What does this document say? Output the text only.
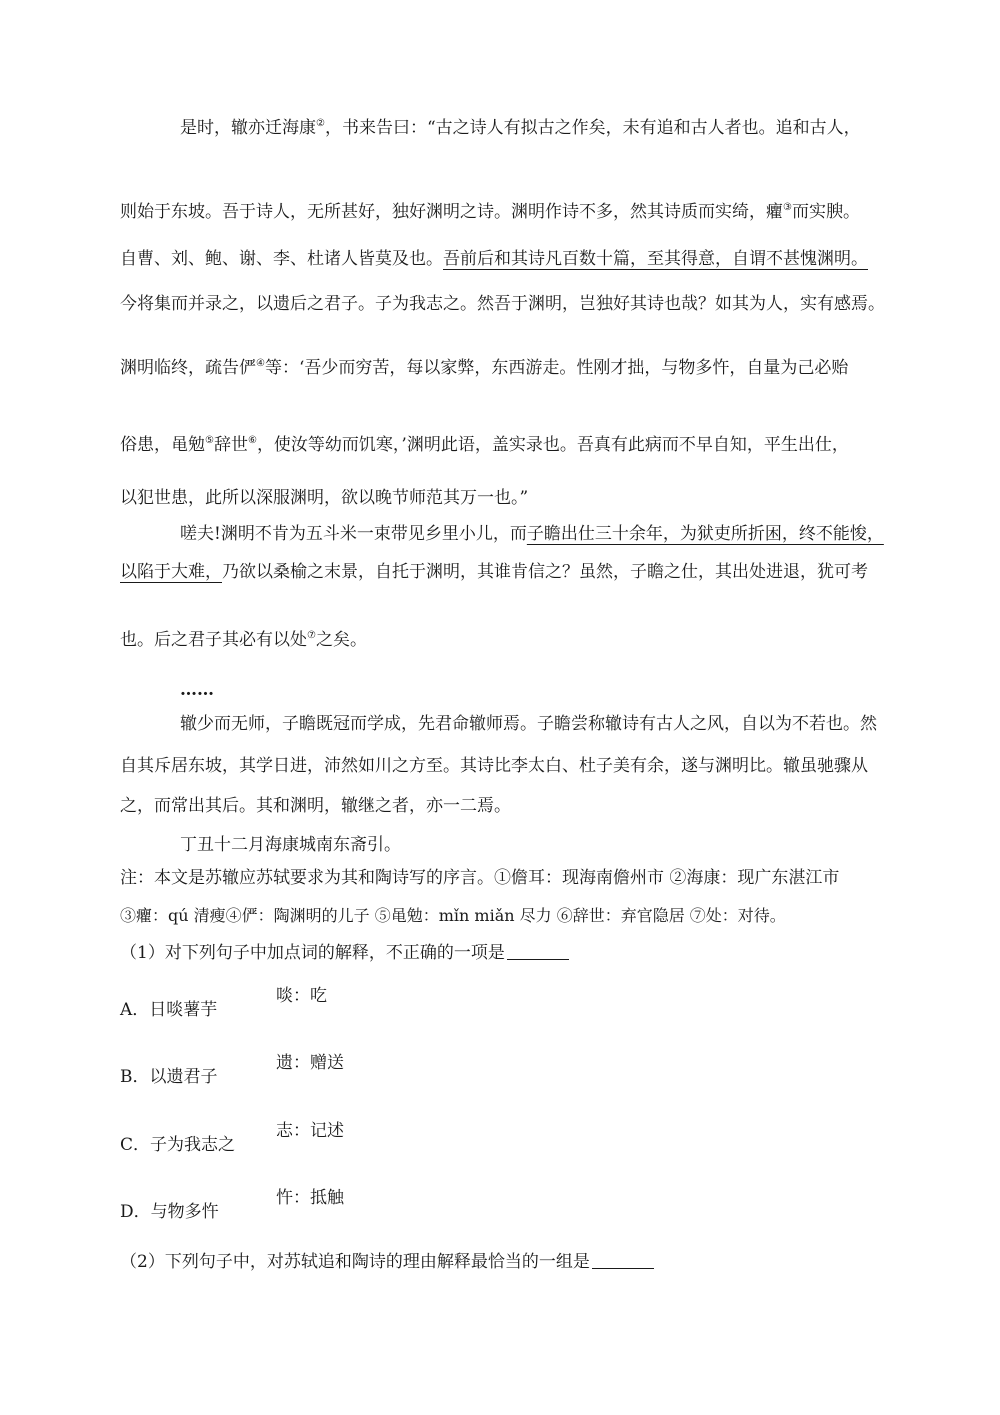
是时，辙亦迁海康②，书来告曰：“古之诗人有拟古之作矣，未有追和古人者也。追和古人，
则始于东坡。吾于诗人，无所甚好，独好渊明之诗。渊明作诗不多，然其诗质而实绮，癯③而实腴。
自曹、刘、鲍、谢、李、杜诸人皆莫及也。吾前后和其诗凡百数十篇，至其得意，自谓不甚愧渊明。
今将集而并录之，以遗后之君子。子为我志之。然吾于渊明，岂独好其诗也哉？如其为人，实有感焉。
渊明临终，疏告俨④等：‘吾少而穷苦，每以家弊，东西游走。性刚才拙，与物多忤，自量为己必贻
俗患，黾勉⑤辞世⑥，使汝等幼而饥寒，’渊明此语，盖实录也。吾真有此病而不早自知，平生出仕，
以犯世患，此所以深服渊明，欲以晚节师范其万一也。”
嗟夫!渊明不肯为五斗米一束带见乡里小儿，而子瞻出仕三十余年，为狱吏所折困，终不能悛，
以陷于大难，乃欲以桑榆之末景，自托于渊明，其谁肯信之？虽然，子瞻之仕，其出处进退，犹可考
也。后之君子其必有以处⑦之矣。
……
辙少而无师，子瞻既冠而学成，先君命辙师焉。子瞻尝称辙诗有古人之风，自以为不若也。然
自其斥居东坡，其学日进，沛然如川之方至。其诗比李太白、杜子美有余，遂与渊明比。辙虽驰骤从
之，而常出其后。其和渊明，辙继之者，亦一二焉。
丁丑十二月海康城南东斋引。
注：本文是苏辙应苏轼要求为其和陶诗写的序言。①儋耳：现海南儋州市 ②海康：现广东湛江市
③癯：qú 清瘦④俨：陶渊明的儿子 ⑤黾勉：mǐn miǎn 尽力 ⑥辞世：弃官隐居 ⑦处：对待。
（1）对下列句子中加点词的解释，不正确的一项是
啖：吃
A．日啖薯芋
遗：赠送
B．以遗君子
志：记述
C．子为我志之
忤：抵触
D．与物多忤
（2）下列句子中，对苏轼追和陶诗的理由解释最恰当的一组是
